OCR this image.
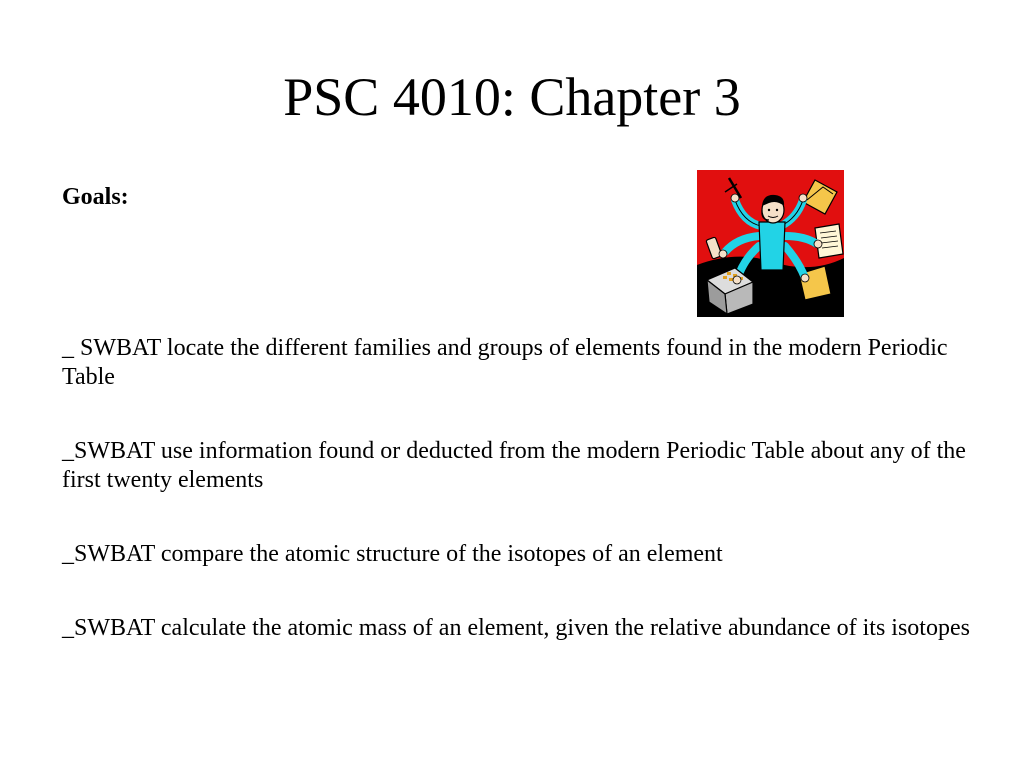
PSC 4010: Chapter 3
Goals:
_ SWBAT locate the different families and groups of elements found in the modern Periodic Table
_SWBAT use information found or deducted from the modern Periodic Table about any of the first twenty elements
_SWBAT compare the atomic structure of the isotopes of an element
_SWBAT calculate the atomic mass of an element, given the relative abundance of its isotopes
